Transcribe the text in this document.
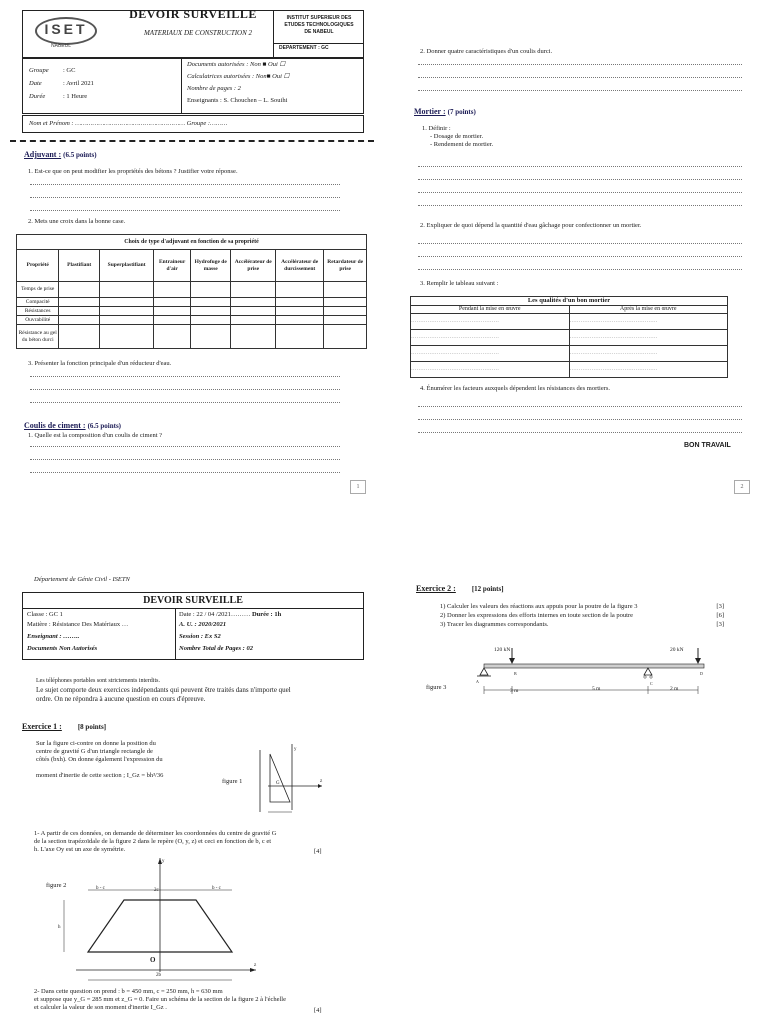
ISET
NABEUL
DEVOIR SURVEILLE
MATERIAUX DE CONSTRUCTION 2
INSTITUT SUPERIEUR DES
ETUDES TECHNOLOGIQUES
DE NABEUL
DEPARTEMENT : GC
Groupe : GC
Date	: Avril 2021
Durée	: 1 Heure
Documents autorisées : Non ■ Oui ☐
Calculatrices autorisées : Non■ Oui ☐
Nombre de pages : 2
Enseignants : S. Chouchen – L. Souihi
Nom et Prénom : ………………………………………………… Groupe :………
Adjuvant : (6.5 points)
1. Est-ce que on peut modifier les propriétés des bétons ? Justifier votre réponse.
2. Mets une croix dans la bonne case.
Choix de type d'adjuvant en fonction de sa propriété							
Propriété	Plastifiant	Superplastifiant	Entraineur d'air	Hydrofuge de masse	Accélérateur de prise	Accélérateur de durcissement	Retardateur de prise
Temps de prise							
Compacité							
Résistances							
Ouvrabilité							
Résistance au gel du béton durci							
3. Présenter la fonction principale d'un réducteur d'eau.
Coulis de ciment : (6.5 points)
1. Quelle est la composition d'un coulis de ciment ?
1
2. Donner quatre caractéristiques d'un coulis durci.
Mortier : (7 points)
1. Définir :
- Dosage de mortier.
- Rendement de mortier.
2. Expliquer de quoi dépend la quantité d'eau gâchage pour confectionner un mortier.
3. Remplir le tableau suivant :
Les qualités d'un bon mortier	
Pendant la mise en œuvre	Après la mise en œuvre
…………………………………………	…………………………………………
…………………………………………	…………………………………………
…………………………………………	…………………………………………
…………………………………………	…………………………………………
4. Énumérer les facteurs auxquels dépendent les résistances des mortiers.
BON TRAVAIL
2
Département de Génie Civil - ISETN
DEVOIR SURVEILLE
Classe : GC 1
Matière : Résistance Des Matériaux …
Enseignant : ……..
Documents Non Autorisés
Date : 22 / 04 /2021……… Durée : 1h
A. U. : 2020/2021
Session : Ex S2
Nombre Total de Pages : 02
Les téléphones portables sont strictements interdits.
Le sujet comporte deux exercices indépendants qui peuvent être traités dans n'importe quel
ordre. On ne répondra à aucune question en cours d'épreuve.
Exercice 1 : [8 points]
Sur la figure ci-contre on donne la position du
centre de gravité G d'un triangle rectangle de
côtés (bxh). On donne également l'expression du
moment d'inertie de cette section ; I_Gz = bh³/36
figure 1
y
z
G
1- A partir de ces données, on demande de déterminer les coordonnées du centre de gravité G
de la section trapézoïdale de la figure 2 dans le repère (O, y, z) et ceci en fonction de b, c et
h. L'axe Oy est un axe de symétrie.	[4]
figure 2
y
z
b - c	2c	b - c
h
O
2b
2- Dans cette question on prend : b = 450 mm, c = 250 mm, h = 630 mm
et suppose que y_G = 285 mm et z_G = 0. Faire un schéma de la section de la figure 2 à l'échelle
et calculer la valeur de son moment d'inertie I_Gz .	[4]
Exercice 2 : [12 points]
1) Calculer les valeurs des réactions aux appuis pour la poutre de la figure 3	[3]
2) Donner les expressions des efforts internes en toute section de la poutre	[6]
3) Tracer les diagrammes correspondants.	[3]
120 kN	20 kN
A
B
C
D
figure 3	3 m	5 m	2 m
